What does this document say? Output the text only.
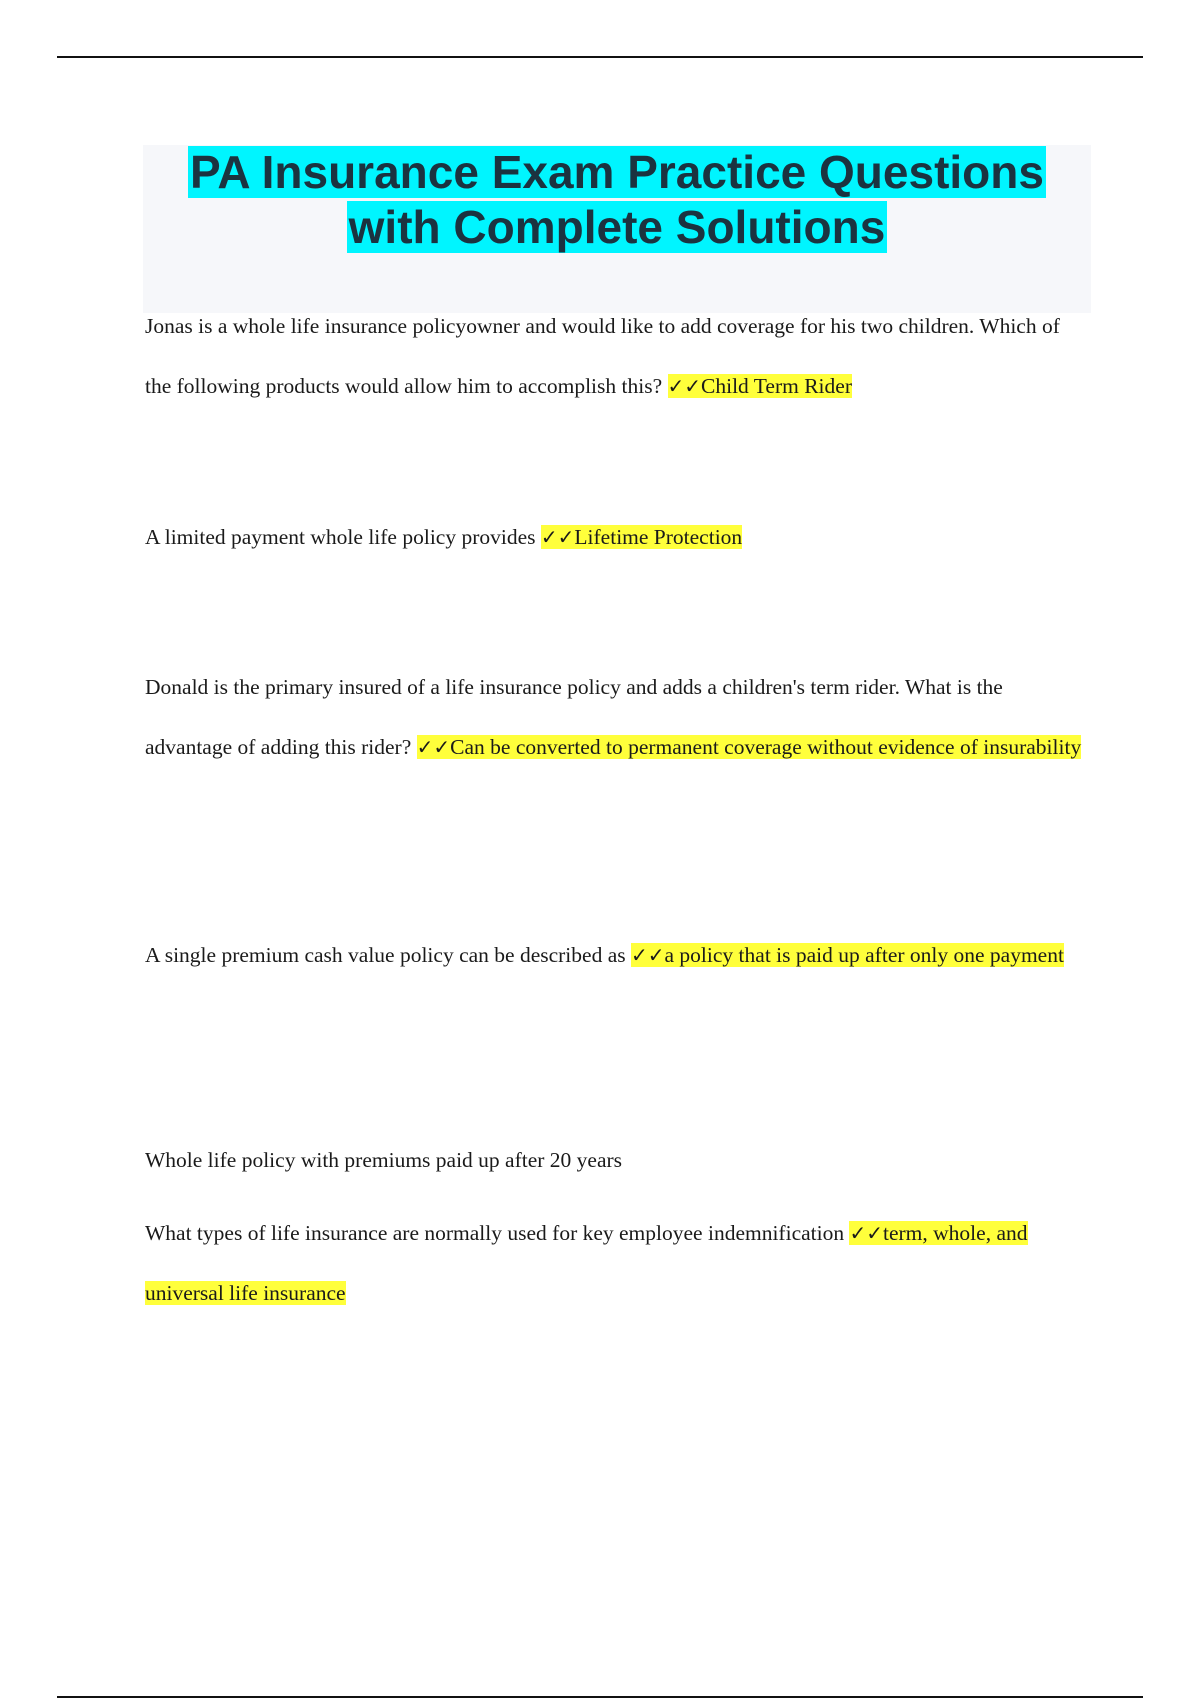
PA Insurance Exam Practice Questions
with Complete Solutions
Jonas is a whole life insurance policyowner and would like to add coverage for his two children. Which of the following products would allow him to accomplish this? ✓✓Child Term Rider
A limited payment whole life policy provides ✓✓Lifetime Protection
Donald is the primary insured of a life insurance policy and adds a children's term rider. What is the advantage of adding this rider? ✓✓Can be converted to permanent coverage without evidence of insurability
A single premium cash value policy can be described as ✓✓a policy that is paid up after only one payment
Whole life policy with premiums paid up after 20 years
What types of life insurance are normally used for key employee indemnification ✓✓term, whole, and universal life insurance
